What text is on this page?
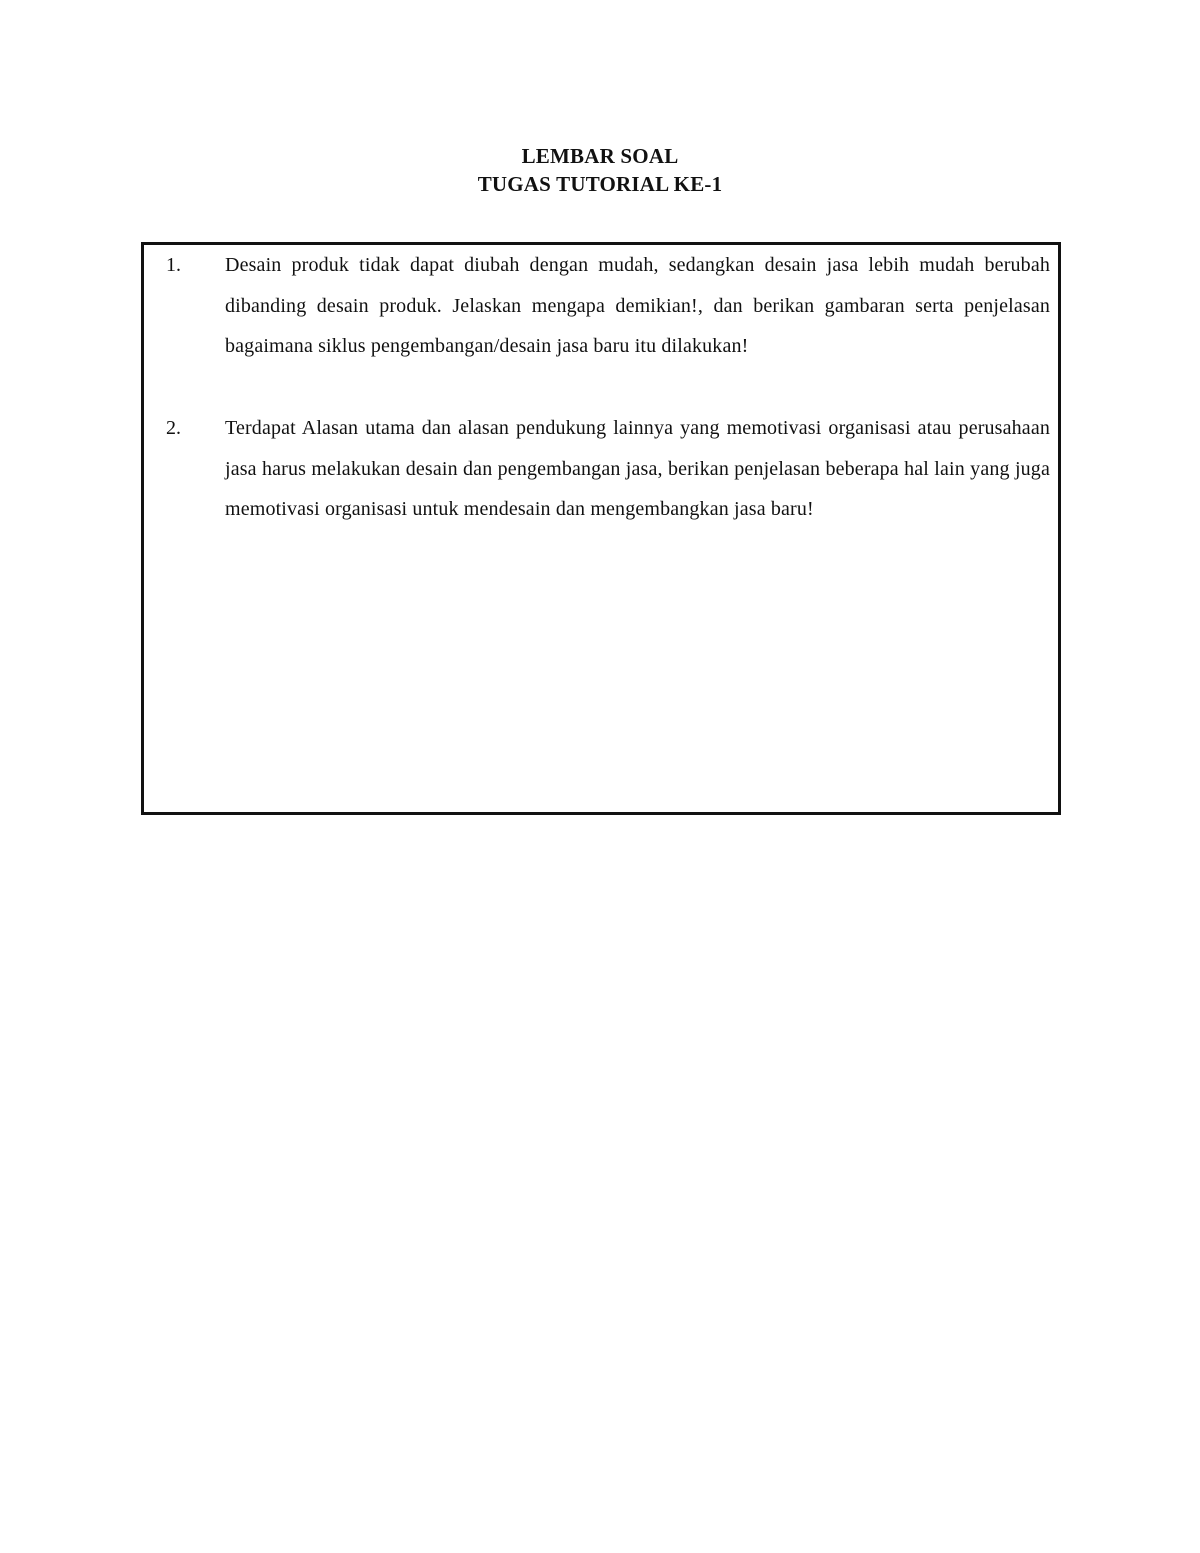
LEMBAR SOAL
TUGAS TUTORIAL KE-1
1. Desain produk tidak dapat diubah dengan mudah, sedangkan desain jasa lebih mudah berubah dibanding desain produk. Jelaskan mengapa demikian!, dan berikan gambaran serta penjelasan bagaimana siklus pengembangan/desain jasa baru itu dilakukan!
2. Terdapat Alasan utama dan alasan pendukung lainnya yang memotivasi organisasi atau perusahaan jasa harus melakukan desain dan pengembangan jasa, berikan penjelasan beberapa hal lain yang juga memotivasi organisasi untuk mendesain dan mengembangkan jasa baru!
